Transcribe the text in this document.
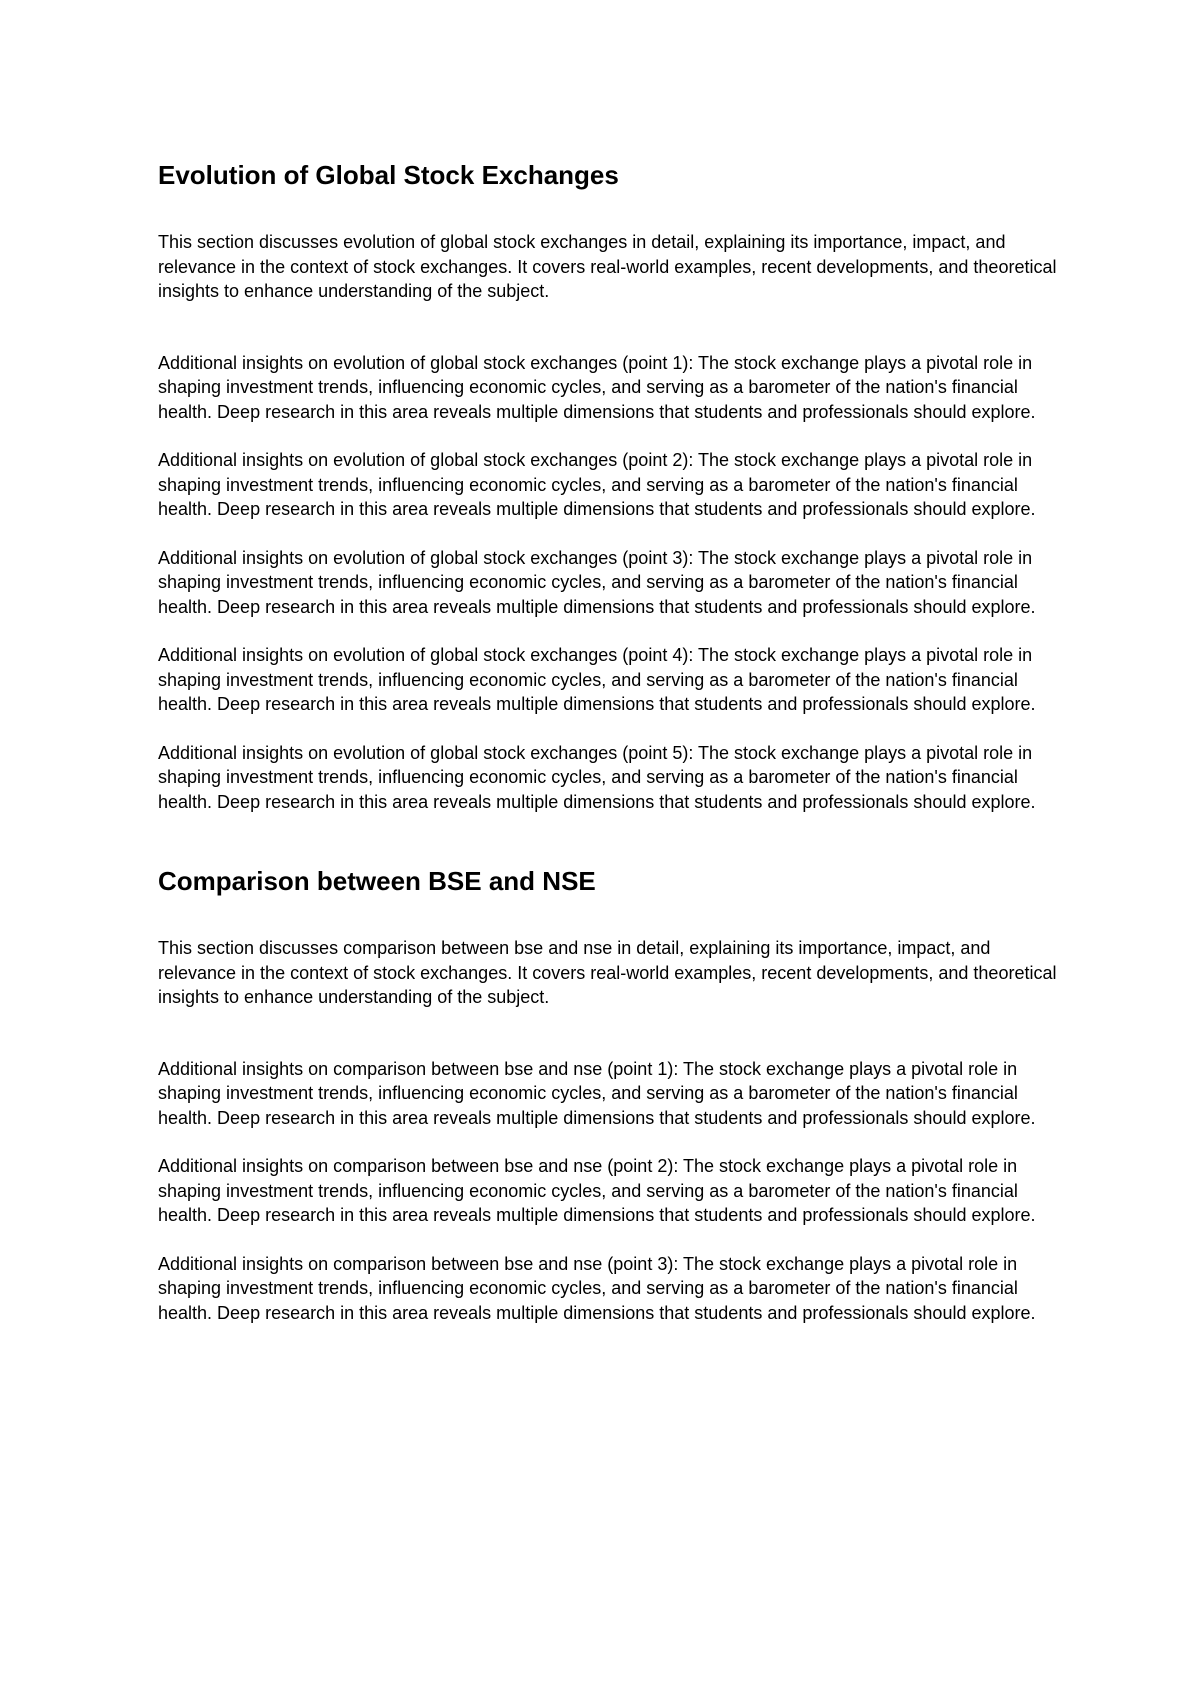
Evolution of Global Stock Exchanges

This section discusses evolution of global stock exchanges in detail, explaining its importance, impact, and relevance in the context of stock exchanges. It covers real-world examples, recent developments, and theoretical insights to enhance understanding of the subject.

Additional insights on evolution of global stock exchanges (point 1): The stock exchange plays a pivotal role in shaping investment trends, influencing economic cycles, and serving as a barometer of the nation's financial health. Deep research in this area reveals multiple dimensions that students and professionals should explore.

Additional insights on evolution of global stock exchanges (point 2): The stock exchange plays a pivotal role in shaping investment trends, influencing economic cycles, and serving as a barometer of the nation's financial health. Deep research in this area reveals multiple dimensions that students and professionals should explore.

Additional insights on evolution of global stock exchanges (point 3): The stock exchange plays a pivotal role in shaping investment trends, influencing economic cycles, and serving as a barometer of the nation's financial health. Deep research in this area reveals multiple dimensions that students and professionals should explore.

Additional insights on evolution of global stock exchanges (point 4): The stock exchange plays a pivotal role in shaping investment trends, influencing economic cycles, and serving as a barometer of the nation's financial health. Deep research in this area reveals multiple dimensions that students and professionals should explore.

Additional insights on evolution of global stock exchanges (point 5): The stock exchange plays a pivotal role in shaping investment trends, influencing economic cycles, and serving as a barometer of the nation's financial health. Deep research in this area reveals multiple dimensions that students and professionals should explore.

Comparison between BSE and NSE

This section discusses comparison between bse and nse in detail, explaining its importance, impact, and relevance in the context of stock exchanges. It covers real-world examples, recent developments, and theoretical insights to enhance understanding of the subject.

Additional insights on comparison between bse and nse (point 1): The stock exchange plays a pivotal role in shaping investment trends, influencing economic cycles, and serving as a barometer of the nation's financial health. Deep research in this area reveals multiple dimensions that students and professionals should explore.

Additional insights on comparison between bse and nse (point 2): The stock exchange plays a pivotal role in shaping investment trends, influencing economic cycles, and serving as a barometer of the nation's financial health. Deep research in this area reveals multiple dimensions that students and professionals should explore.

Additional insights on comparison between bse and nse (point 3): The stock exchange plays a pivotal role in shaping investment trends, influencing economic cycles, and serving as a barometer of the nation's financial health. Deep research in this area reveals multiple dimensions that students and professionals should explore.
